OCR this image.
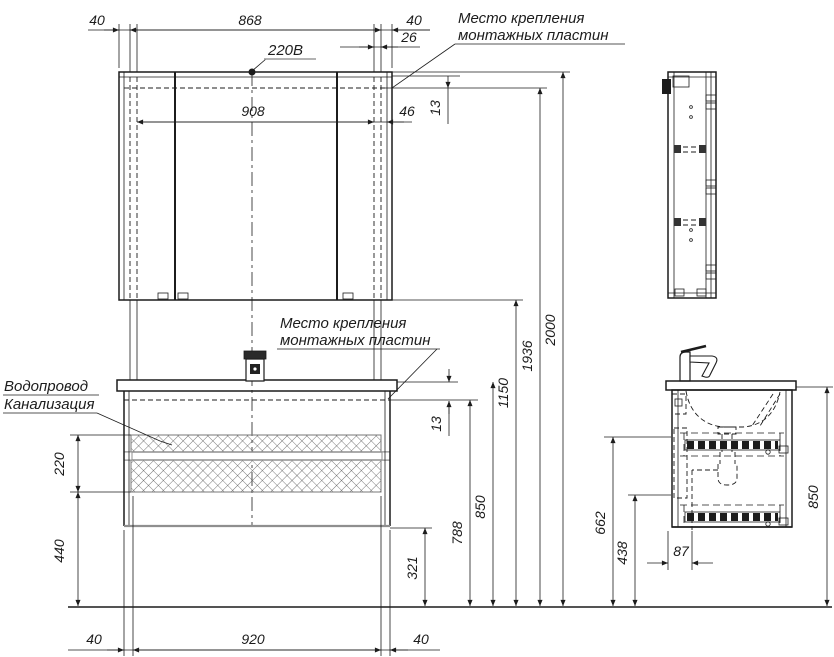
220В
Место крепления
монтажных пластин
Место крепления
монтажных пластин
Водопровод
Канализация
40	868	40
26
908	46 13
13
788
850
1150
1936
2000
220
440
321
40	920	40
850
662
438	87
